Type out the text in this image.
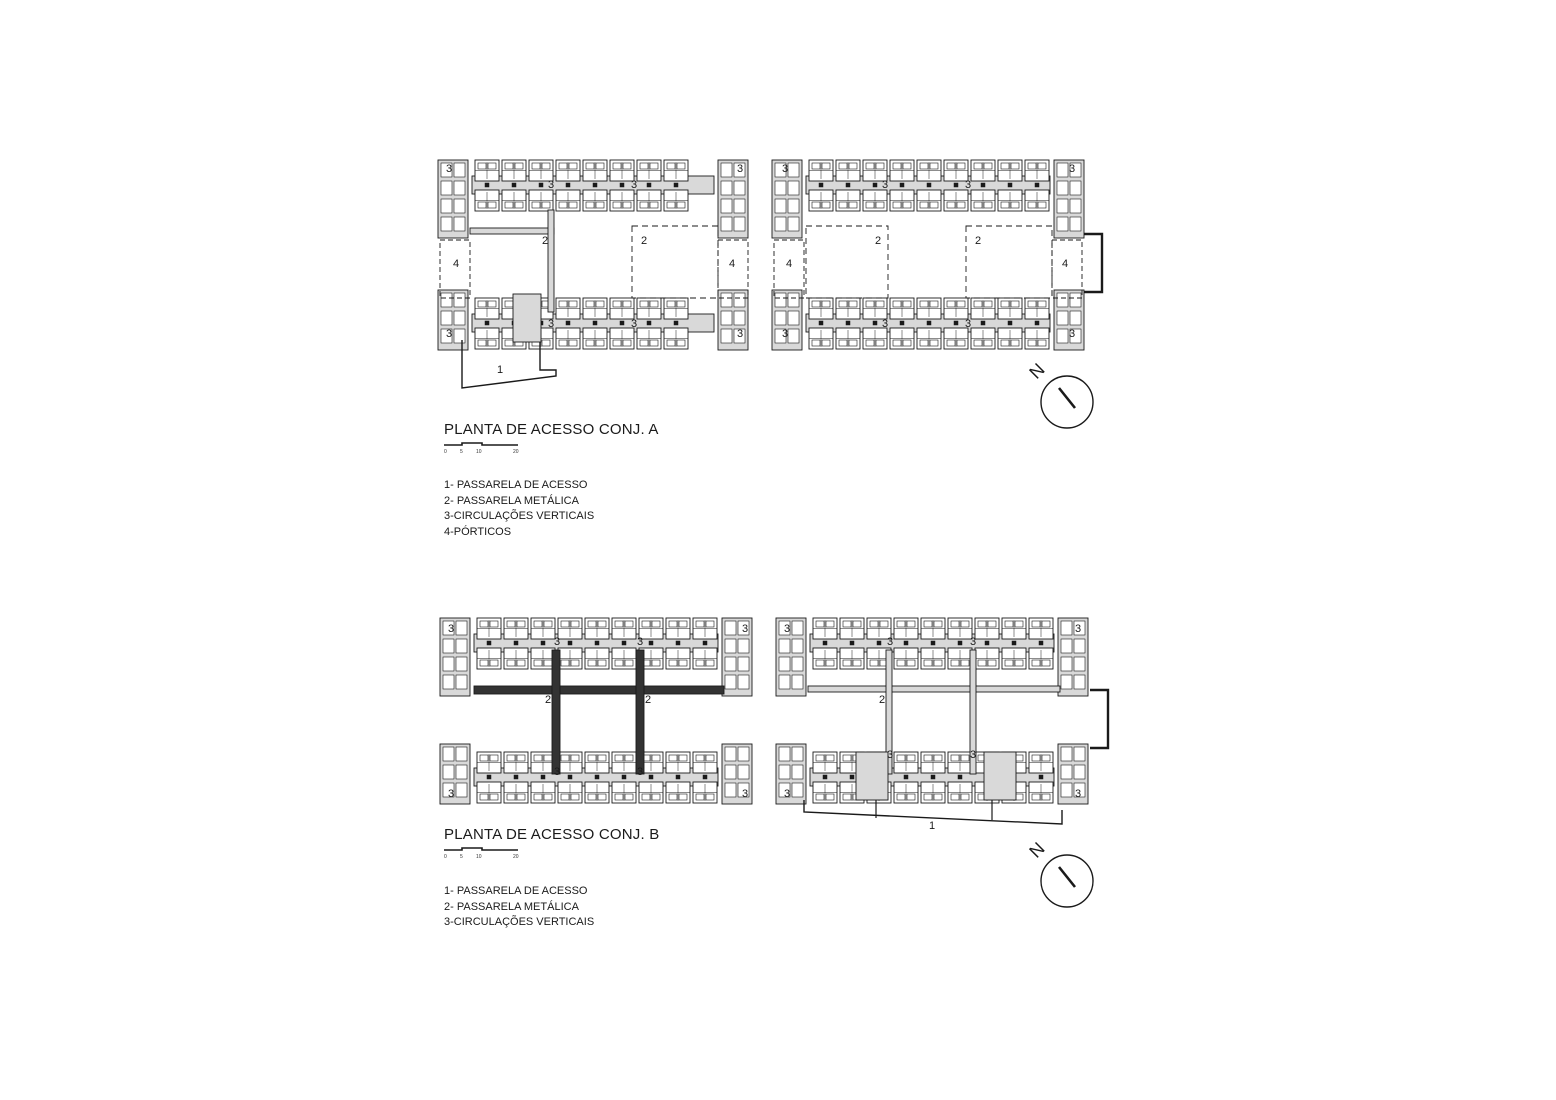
1
2	2	2	2
4	4	4	4
3	3	3	3
3	3	3	3
3	3	3	3
3	3	3	3
1
2	2	2
3	3	3	3
3	3	3	3
3	3
3	3
3	3	3	3
N
N
PLANTA DE ACESSO CONJ. A
0	5	10	20
1- PASSARELA DE ACESSO
2- PASSARELA METÁLICA
3-CIRCULAÇÕES VERTICAIS
4-PÓRTICOS
PLANTA DE ACESSO CONJ. B
0	5	10	20
1- PASSARELA DE ACESSO
2- PASSARELA METÁLICA
3-CIRCULAÇÕES VERTICAIS
